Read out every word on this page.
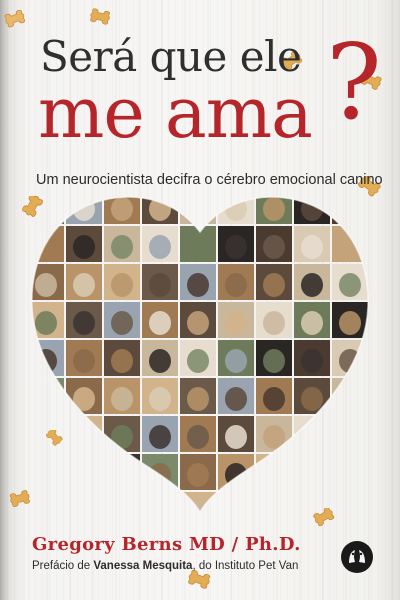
Será que ele
me ama ?
Um neurocientista decifra o cérebro emocional canino
Gregory Berns MD / Ph.D.
Prefácio de Vanessa Mesquita, do Instituto Pet Van
